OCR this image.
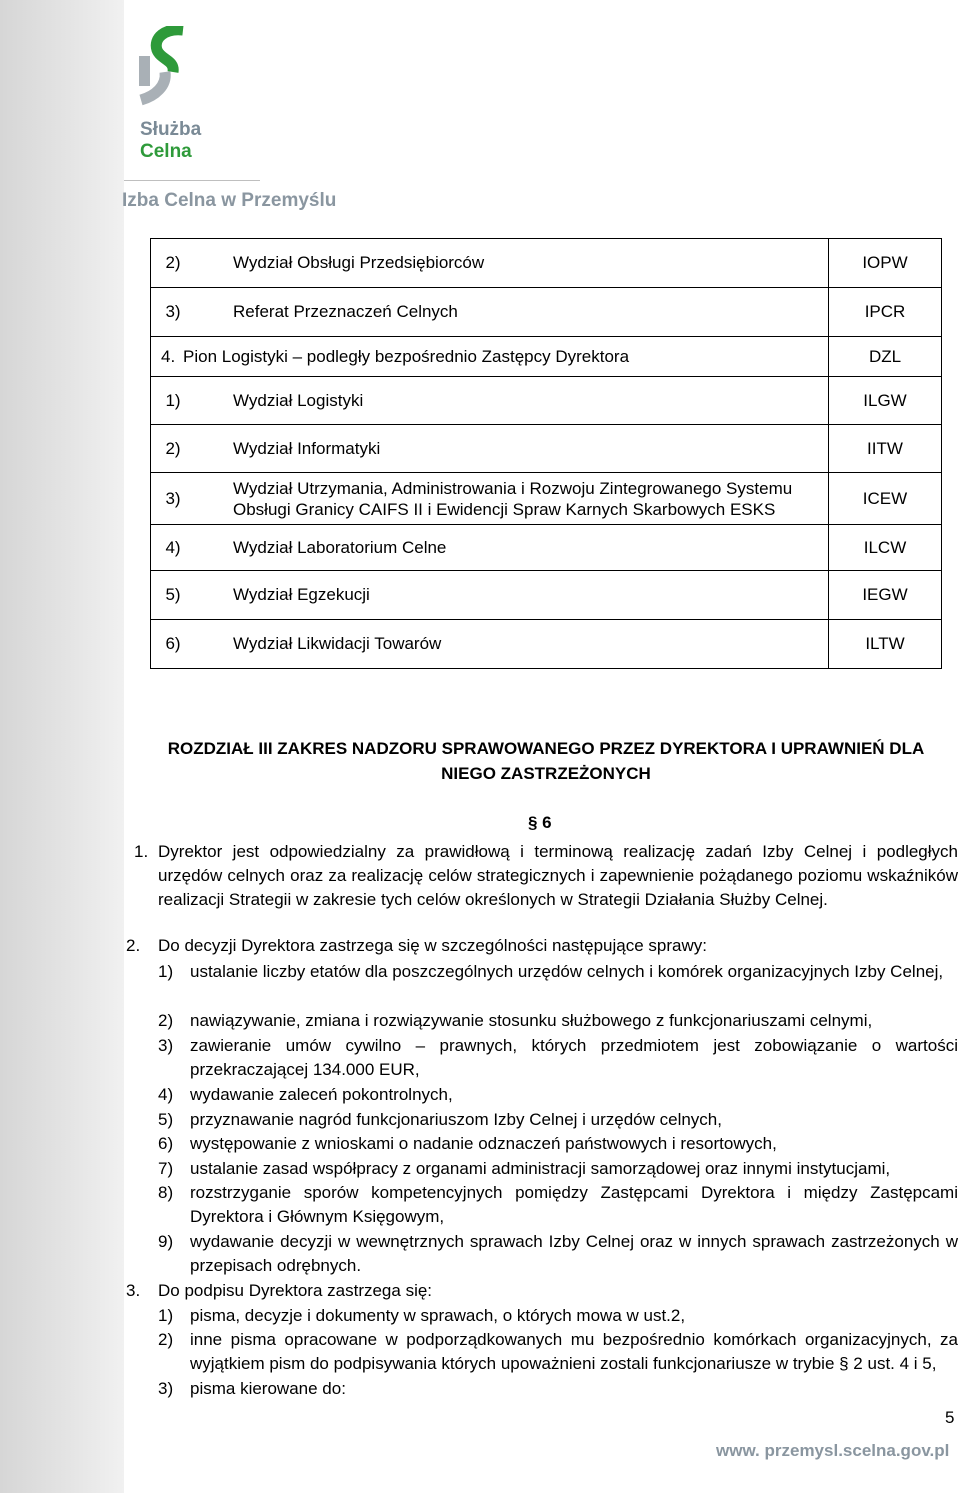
Służba
Celna
Izba Celna w Przemyślu
2)	Wydział Obsługi Przedsiębiorców	IOPW
3)	Referat Przeznaczeń Celnych	IPCR
4. Pion Logistyki – podległy bezpośrednio Zastępcy Dyrektora		DZL
1)	Wydział Logistyki	ILGW
2)	Wydział Informatyki	IITW
3)	Wydział Utrzymania, Administrowania i Rozwoju Zintegrowanego Systemu
Obsługi Granicy CAIFS II i Ewidencji Spraw Karnych Skarbowych ESKS	ICEW
4)	Wydział Laboratorium Celne	ILCW
5)	Wydział Egzekucji	IEGW
6)	Wydział Likwidacji Towarów	ILTW
ROZDZIAŁ III ZAKRES NADZORU SPRAWOWANEGO PRZEZ DYREKTORA I UPRAWNIEŃ DLA
NIEGO ZASTRZEŻONYCH
§ 6
1. Dyrektor jest odpowiedzialny za prawidłową i terminową realizację zadań Izby Celnej i podległych urzędów celnych oraz za realizację celów strategicznych i zapewnienie pożądanego poziomu wskaźników realizacji Strategii w zakresie tych celów określonych w Strategii Działania Służby Celnej.
2. Do decyzji Dyrektora zastrzega się w szczególności następujące sprawy:
1) ustalanie liczby etatów dla poszczególnych urzędów celnych i komórek organizacyjnych Izby Celnej,
2) nawiązywanie, zmiana i rozwiązywanie stosunku służbowego z funkcjonariuszami celnymi,
3) zawieranie umów cywilno – prawnych, których przedmiotem jest zobowiązanie o wartości przekraczającej 134.000 EUR,
4) wydawanie zaleceń pokontrolnych,
5) przyznawanie nagród funkcjonariuszom Izby Celnej i urzędów celnych,
6) występowanie z wnioskami o nadanie odznaczeń państwowych i resortowych,
7) ustalanie zasad współpracy z organami administracji samorządowej oraz innymi instytucjami,
8) rozstrzyganie sporów kompetencyjnych pomiędzy Zastępcami Dyrektora i między Zastępcami Dyrektora i Głównym Księgowym,
9) wydawanie decyzji w wewnętrznych sprawach Izby Celnej oraz w innych sprawach zastrzeżonych w przepisach odrębnych.
3. Do podpisu Dyrektora zastrzega się:
1) pisma, decyzje i dokumenty w sprawach, o których mowa w ust.2,
2) inne pisma opracowane w podporządkowanych mu bezpośrednio komórkach organizacyjnych, za wyjątkiem pism do podpisywania których upoważnieni zostali funkcjonariusze w trybie § 2 ust. 4 i 5,
3) pisma kierowane do:
5
www. przemysl.scelna.gov.pl
